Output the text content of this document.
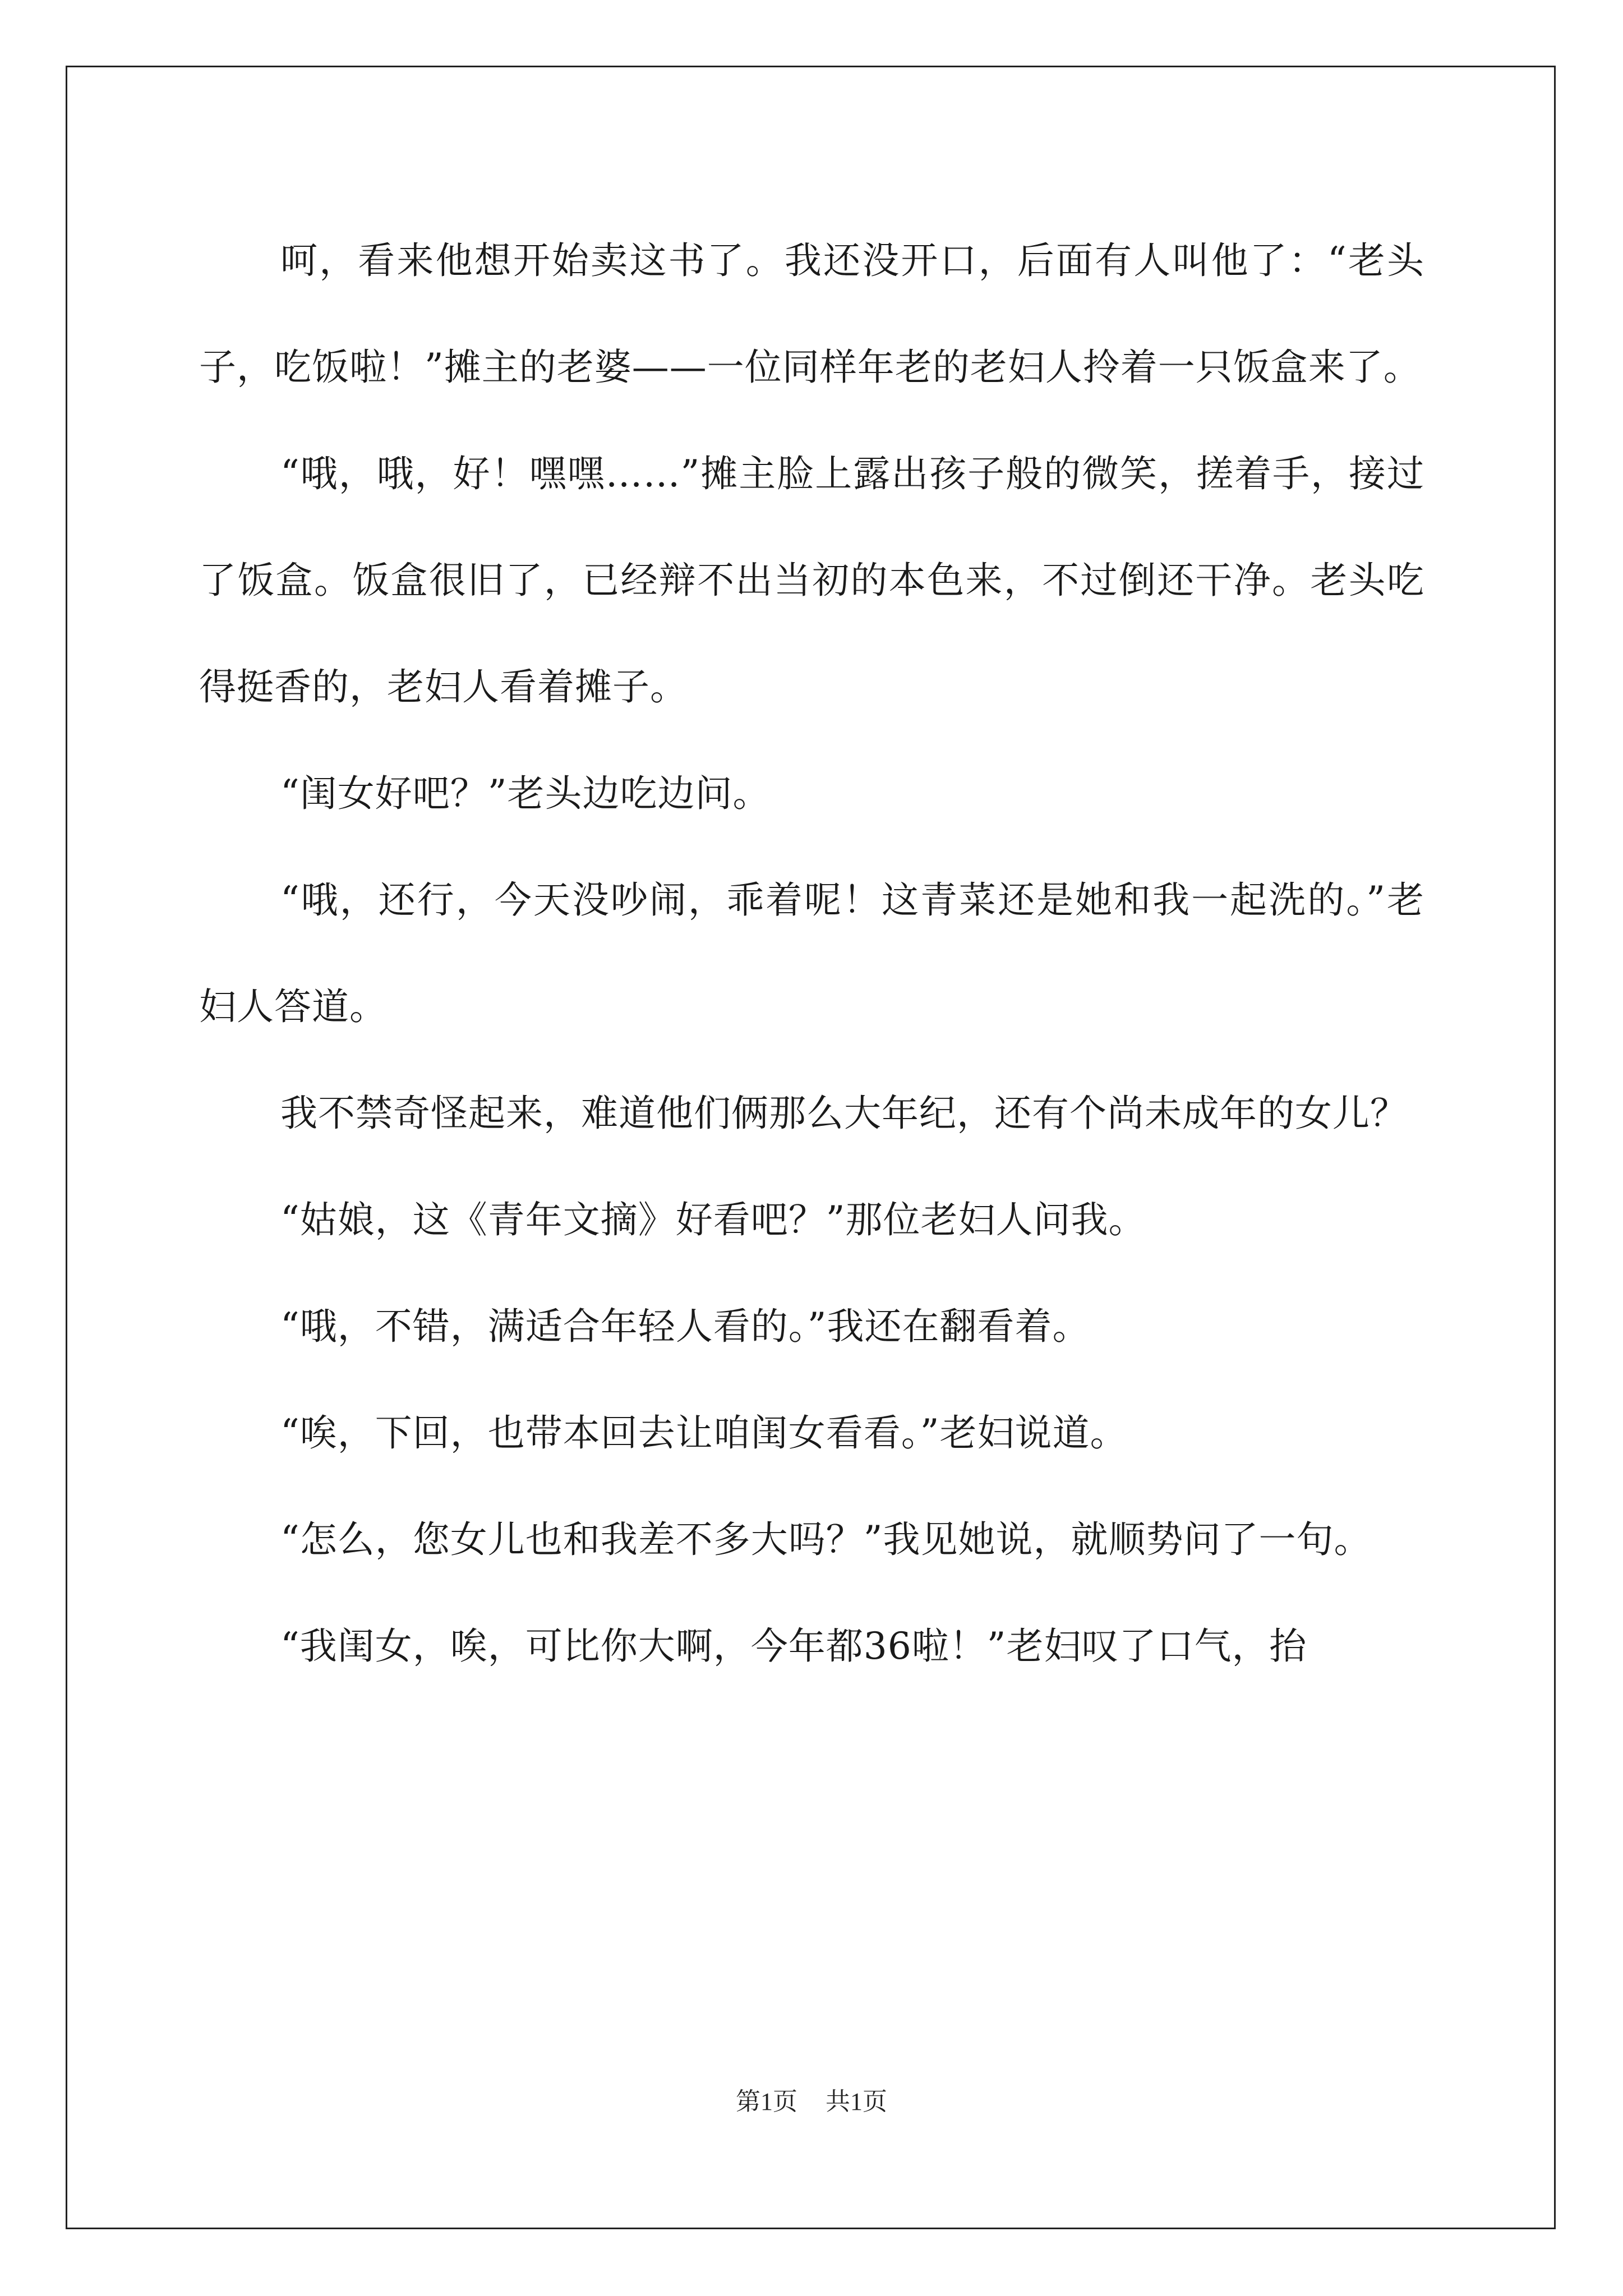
呵，看来他想开始卖这书了。我还没开口，后面有人叫他了：“老头子，吃饭啦！”摊主的老婆——一位同样年老的老妇人拎着一只饭盒来了。

“哦，哦，好！嘿嘿……”摊主脸上露出孩子般的微笑，搓着手，接过了饭盒。饭盒很旧了，已经辩不出当初的本色来，不过倒还干净。老头吃得挺香的，老妇人看着摊子。

“闺女好吧？”老头边吃边问。

“哦，还行，今天没吵闹，乖着呢！这青菜还是她和我一起洗的。”老妇人答道。

我不禁奇怪起来，难道他们俩那么大年纪，还有个尚未成年的女儿？

“姑娘，这《青年文摘》好看吧？”那位老妇人问我。

“哦，不错，满适合年轻人看的。”我还在翻看着。

“唉，下回，也带本回去让咱闺女看看。”老妇说道。

“怎么，您女儿也和我差不多大吗？”我见她说，就顺势问了一句。

“我闺女，唉，可比你大啊，今年都36啦！”老妇叹了口气，抬

第1页 共1页
